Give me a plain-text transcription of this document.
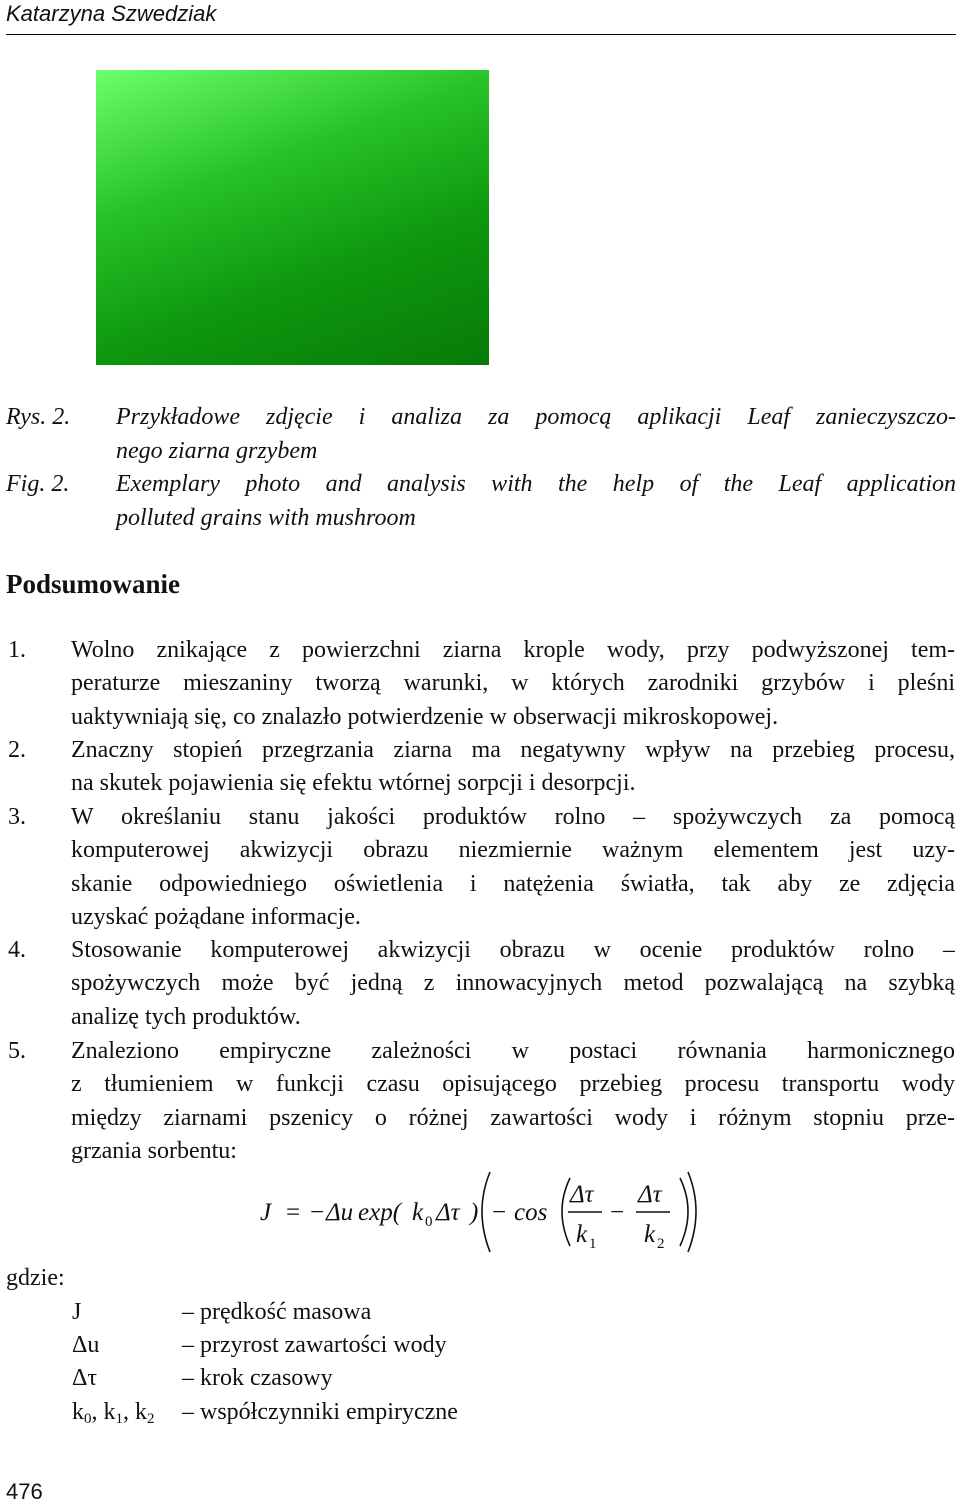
Katarzyna Szwedziak
Rys. 2. Przykładowe zdjęcie i analiza za pomocą aplikacji Leaf zanieczyszczo-
nego ziarna grzybem
Fig. 2. Exemplary photo and analysis with the help of the Leaf application
polluted grains with mushroom
Podsumowanie
1. Wolno znikające z powierzchni ziarna krople wody, przy podwyższonej tem-
peraturze mieszaniny tworzą warunki, w których zarodniki grzybów i pleśni
uaktywniają się, co znalazło potwierdzenie w obserwacji mikroskopowej.
2. Znaczny stopień przegrzania ziarna ma negatywny wpływ na przebieg procesu,
na skutek pojawienia się efektu wtórnej sorpcji i desorpcji.
3. W określaniu stanu jakości produktów rolno – spożywczych za pomocą
komputerowej akwizycji obrazu niezmiernie ważnym elementem jest uzy-
skanie odpowiedniego oświetlenia i natężenia światła, tak aby ze zdjęcia
uzyskać pożądane informacje.
4. Stosowanie komputerowej akwizycji obrazu w ocenie produktów rolno –
spożywczych może być jedną z innowacyjnych metod pozwalającą na szybką
analizę tych produktów.
5. Znaleziono empiryczne zależności w postaci równania harmonicznego
z tłumieniem w funkcji czasu opisującego przebieg procesu transportu wody
między ziarnami pszenicy o różnej zawartości wody i różnym stopniu prze-
grzania sorbentu:
J = − Δu exp( k 0 Δτ ) − cos
Δτ
k 1
−
Δτ
k 2
gdzie:
J	– prędkość masowa
Δu	– przyrost zawartości wody
Δτ	– krok czasowy
$k_0$, $k_1$, $k_2$ – współczynniki empiryczne
476
